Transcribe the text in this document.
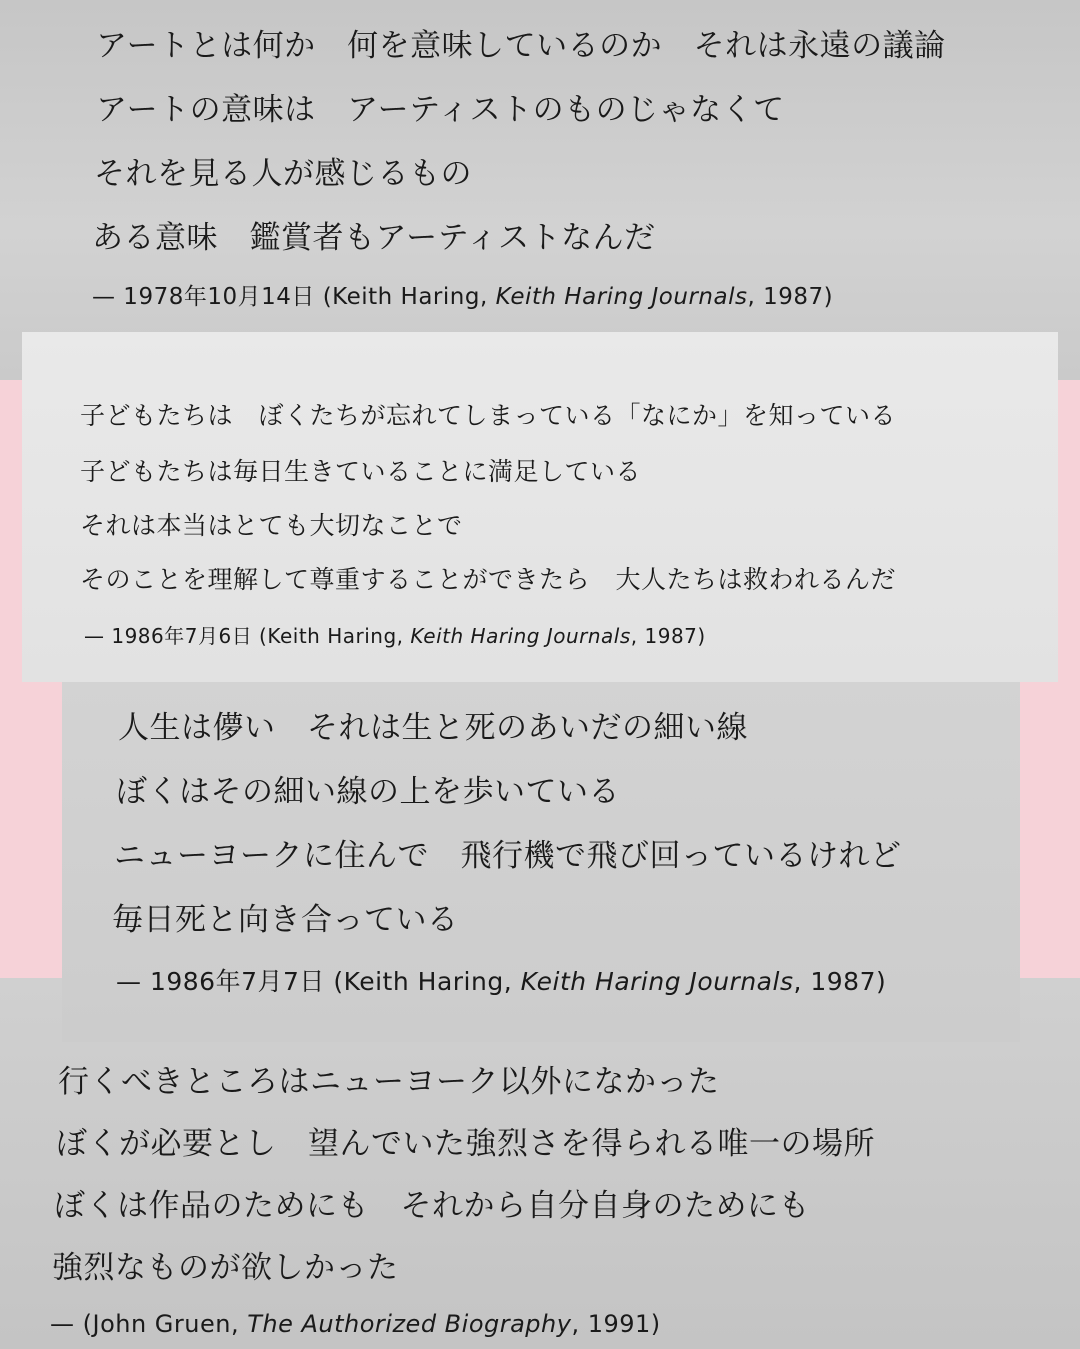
アートとは何か　何を意味しているのか　それは永遠の議論

アートの意味は　アーティストのものじゃなくて

それを見る人が感じるもの

ある意味　鑑賞者もアーティストなんだ

— 1978年10月14日 (Keith Haring, Keith Haring Journals, 1987)

行くべきところはニューヨーク以外になかった

ぼくが必要とし　望んでいた強烈さを得られる唯一の場所

ぼくは作品のためにも　それから自分自身のためにも

強烈なものが欲しかった

— (John Gruen, The Authorized Biography, 1991)

子どもたちは　ぼくたちが忘れてしまっている「なにか」を知っている

子どもたちは毎日生きていることに満足している

それは本当はとても大切なことで

そのことを理解して尊重することができたら　大人たちは救われるんだ

— 1986年7月6日 (Keith Haring, Keith Haring Journals, 1987)

人生は儚い　それは生と死のあいだの細い線

ぼくはその細い線の上を歩いている

ニューヨークに住んで　飛行機で飛び回っているけれど

毎日死と向き合っている

— 1986年7月7日 (Keith Haring, Keith Haring Journals, 1987)
